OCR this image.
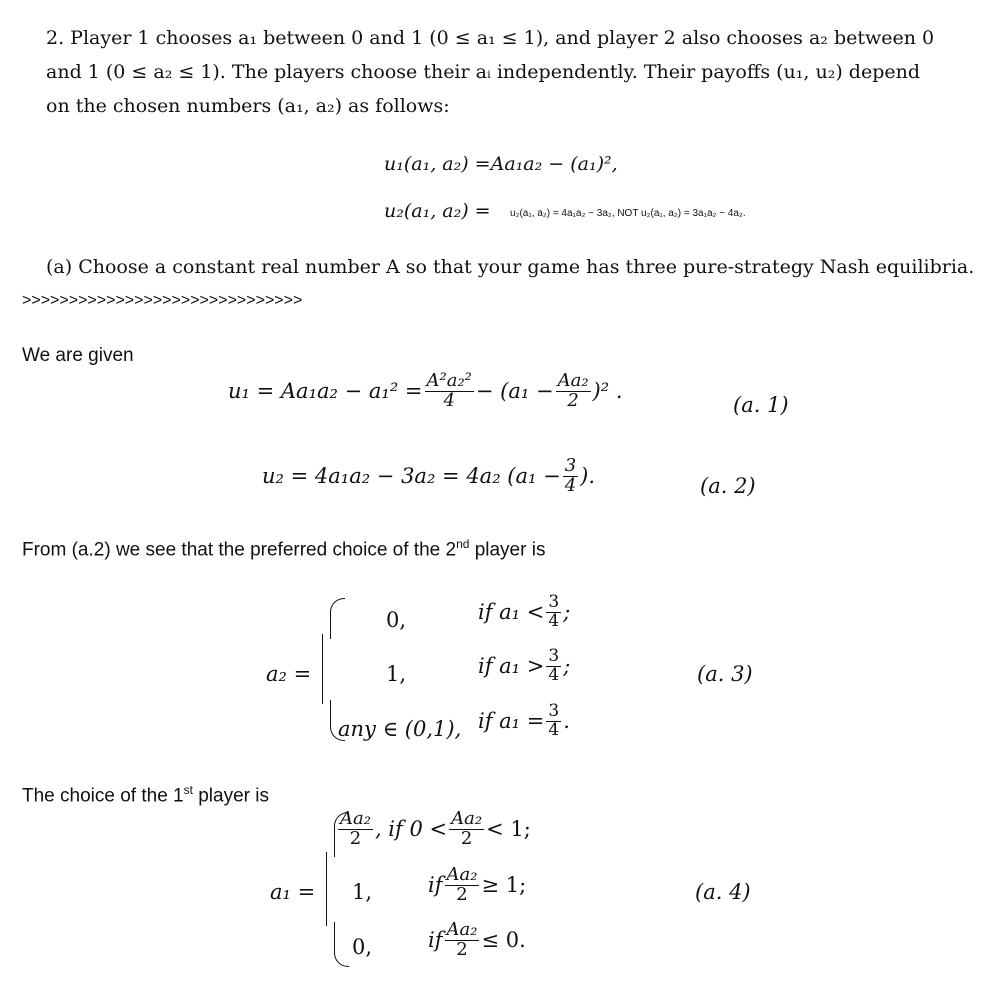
2. Player 1 chooses a₁ between 0 and 1 (0 ≤ a₁ ≤ 1), and player 2 also chooses a₂ between 0
and 1 (0 ≤ a₂ ≤ 1). The players choose their aᵢ independently. Their payoffs (u₁, u₂) depend
on the chosen numbers (a₁, a₂) as follows:
u₁(a₁, a₂) =Aa₁a₂ − (a₁)²,
u₂(a₁, a₂) = u₂(a₁, a₂) = 4a₁a₂ − 3a₂, NOT u₂(a₁, a₂) = 3a₁a₂ − 4a₂.
(a) Choose a constant real number A so that your game has three pure-strategy Nash equilibria.
>>>>>>>>>>>>>>>>>>>>>>>>>>>>>>
We are given
$u_1 = Aa_1a_2 - a_1^2 = \frac{\text{A²a₂²}}{4} - (a_1 - \frac{\text{Aa₂}}{2} )^2$ .
(a. 1)
u₂ = 4a₁a₂ − 3a₂ = 4a₂ ($a_1 - \frac{3}{4}$ ).	(a. 2)
From (a.2) we see that the preferred choice of the 2nd player is
a₂ =
0,	if $a_1 < \frac{3}{4}$ ;
1,	if $a_1 > \frac{3}{4}$ ;
any ∈ (0,1), if $a_1 = \frac{3}{4}$ .
(a. 3)
The choice of the 1st player is
a₁ =
$\frac{\text{Aa₂}}{2}$ , if $0 < \frac{\text{Aa₂}}{2} < 1$;
1,	if $\frac{\text{Aa₂}}{2} \ge 1$;
0,	if $\frac{\text{Aa₂}}{2} \le 0$.
(a. 4)
